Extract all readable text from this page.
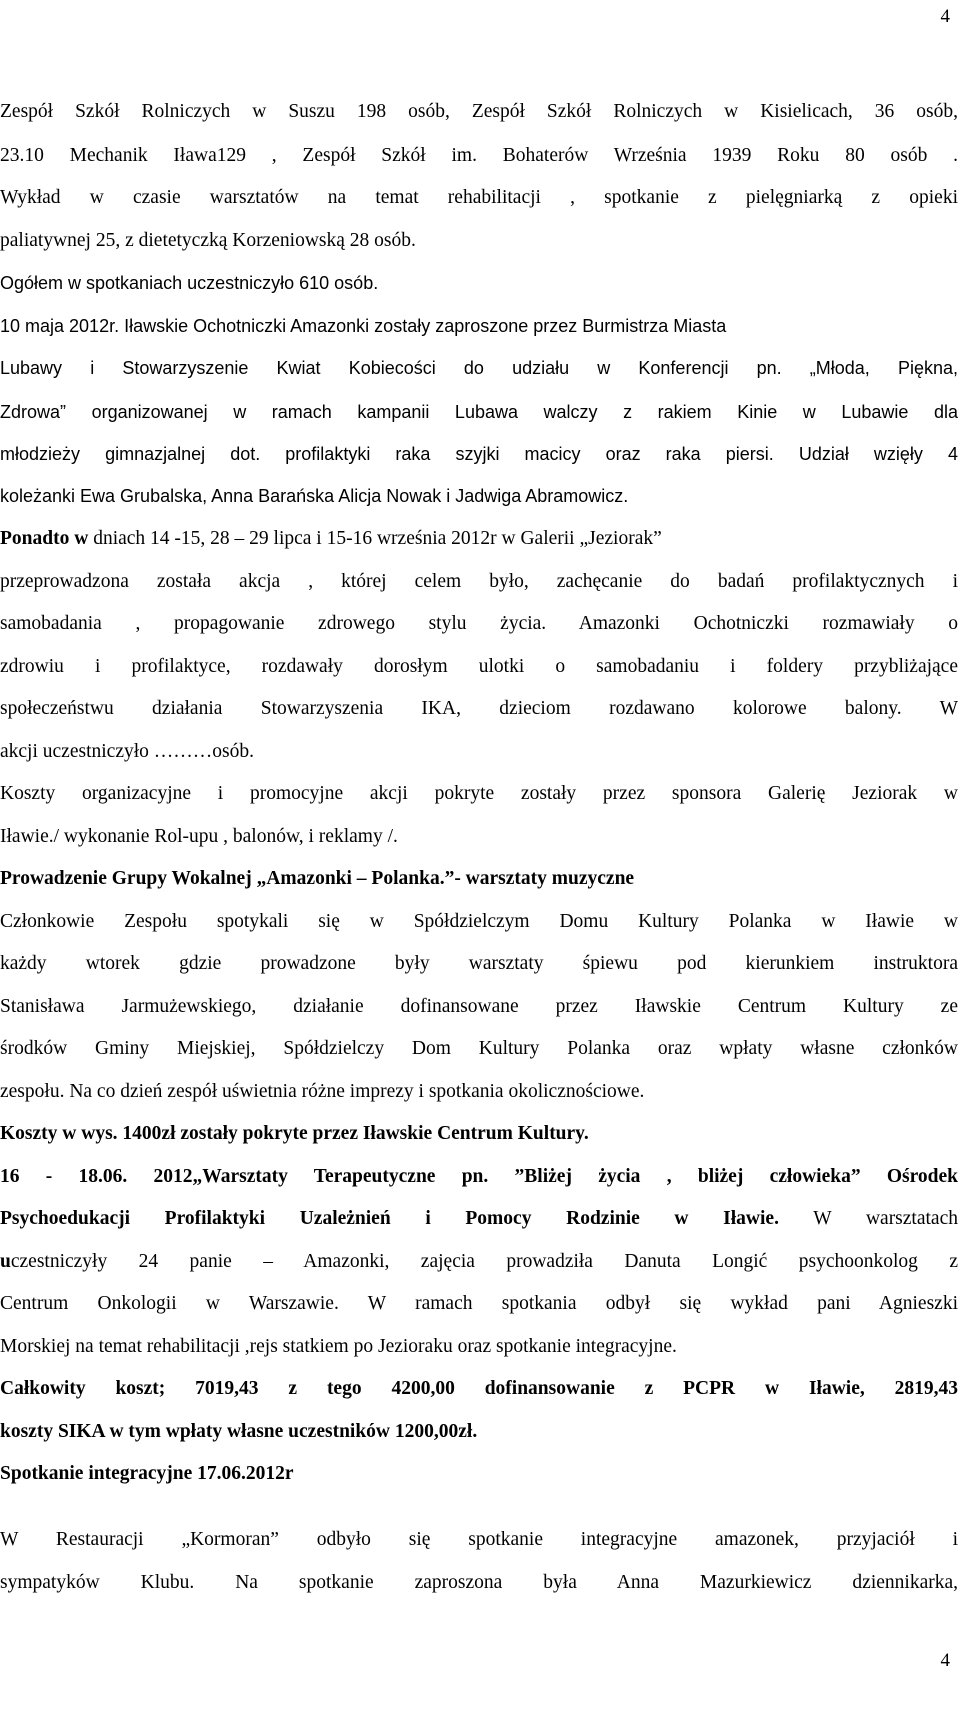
4
Zespół Szkół Rolniczych w Suszu 198 osób, Zespół Szkół Rolniczych w Kisielicach, 36 osób,
23.10 Mechanik Iława129 , Zespół Szkół im. Bohaterów Września 1939 Roku 80 osób .
Wykład w czasie warsztatów na temat rehabilitacji , spotkanie z pielęgniarką z opieki
paliatywnej 25, z dietetyczką Korzeniowską 28 osób.
Ogółem w spotkaniach uczestniczyło 610 osób.
10 maja 2012r. Iławskie Ochotniczki Amazonki zostały zaproszone przez Burmistrza Miasta
Lubawy i Stowarzyszenie Kwiat Kobiecości do udziału w Konferencji pn. „Młoda, Piękna,
Zdrowa” organizowanej w ramach kampanii Lubawa walczy z rakiem Kinie w Lubawie dla
młodzieży gimnazjalnej dot. profilaktyki raka szyjki macicy oraz raka piersi. Udział wzięły 4
koleżanki Ewa Grubalska, Anna Barańska Alicja Nowak i Jadwiga Abramowicz.
Ponadto w dniach 14 -15, 28 – 29 lipca i 15-16 września 2012r w Galerii „Jeziorak”
przeprowadzona została akcja , której celem było, zachęcanie do badań profilaktycznych i
samobadania , propagowanie zdrowego stylu życia. Amazonki Ochotniczki rozmawiały o
zdrowiu i profilaktyce, rozdawały dorosłym ulotki o samobadaniu i foldery przybliżające
społeczeństwu działania Stowarzyszenia IKA, dzieciom rozdawano kolorowe balony. W
akcji uczestniczyło ………osób.
Koszty organizacyjne i promocyjne akcji pokryte zostały przez sponsora Galerię Jeziorak w
Iławie./ wykonanie Rol-upu , balonów, i reklamy /.
Prowadzenie Grupy Wokalnej „Amazonki – Polanka.”- warsztaty muzyczne
Członkowie Zespołu spotykali się w Spółdzielczym Domu Kultury Polanka w Iławie w
każdy wtorek gdzie prowadzone były warsztaty śpiewu pod kierunkiem instruktora
Stanisława Jarmużewskiego, działanie dofinansowane przez Iławskie Centrum Kultury ze
środków Gminy Miejskiej, Spółdzielczy Dom Kultury Polanka oraz wpłaty własne członków
zespołu. Na co dzień zespół uświetnia różne imprezy i spotkania okolicznościowe.
Koszty w wys. 1400zł zostały pokryte przez Iławskie Centrum Kultury.
16 - 18.06. 2012„Warsztaty Terapeutyczne pn. ”Bliżej życia , bliżej człowieka” Ośrodek
Psychoedukacji Profilaktyki Uzależnień i Pomocy Rodzinie w Iławie. W warsztatach
uczestniczyły 24 panie – Amazonki, zajęcia prowadziła Danuta Longić psychoonkolog z
Centrum Onkologii w Warszawie. W ramach spotkania odbył się wykład pani Agnieszki
Morskiej na temat rehabilitacji ,rejs statkiem po Jezioraku oraz spotkanie integracyjne.
Całkowity koszt; 7019,43 z tego 4200,00 dofinansowanie z PCPR w Iławie, 2819,43
koszty SIKA w tym wpłaty własne uczestników 1200,00zł.
Spotkanie integracyjne 17.06.2012r
W Restauracji „Kormoran” odbyło się spotkanie integracyjne amazonek, przyjaciół i
sympatyków Klubu. Na spotkanie zaproszona była Anna Mazurkiewicz dziennikarka,
4
